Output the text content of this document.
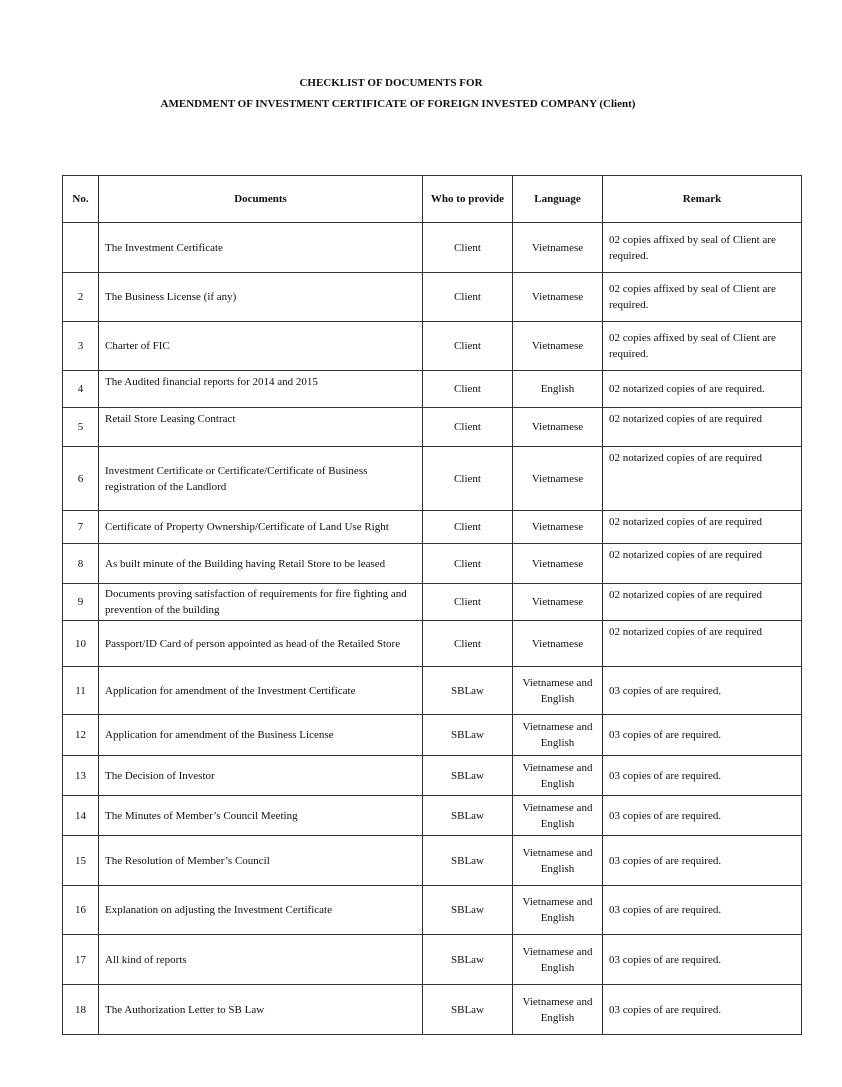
CHECKLIST OF DOCUMENTS FOR
AMENDMENT OF INVESTMENT CERTIFICATE OF FOREIGN INVESTED COMPANY (Client)
No.	Documents	Who to provide	Language	Remark
	The Investment Certificate	Client	Vietnamese	02 copies affixed by seal of Client are required.
2	The Business License (if any)	Client	Vietnamese	02 copies affixed by seal of Client are required.
3	Charter of FIC	Client	Vietnamese	02 copies affixed by seal of Client are required.
4	The Audited financial reports for 2014 and 2015	Client	English	02 notarized copies of are required.
5	Retail Store Leasing Contract	Client	Vietnamese	02 notarized copies of are required
6	Investment Certificate or Certificate/Certificate of Business registration of the Landlord	Client	Vietnamese	02 notarized copies of are required
7	Certificate of Property Ownership/Certificate of Land Use Right	Client	Vietnamese	02 notarized copies of are required
8	As built minute of the Building having Retail Store to be leased	Client	Vietnamese	02 notarized copies of are required
9	Documents proving satisfaction of requirements for fire fighting and prevention of the building	Client	Vietnamese	02 notarized copies of are required
10	Passport/ID Card of person appointed as head of the Retailed Store	Client	Vietnamese	02 notarized copies of are required
11	Application for amendment of the Investment Certificate	SBLaw	Vietnamese and English	03 copies of are required.
12	Application for amendment of the Business License	SBLaw	Vietnamese and English	03 copies of are required.
13	The Decision of Investor	SBLaw	Vietnamese and English	03 copies of are required.
14	The Minutes of Member’s Council Meeting	SBLaw	Vietnamese and English	03 copies of are required.
15	The Resolution of Member’s Council	SBLaw	Vietnamese and English	03 copies of are required.
16	Explanation on adjusting the Investment Certificate	SBLaw	Vietnamese and English	03 copies of are required.
17	All kind of reports	SBLaw	Vietnamese and English	03 copies of are required.
18	The Authorization Letter to SB Law	SBLaw	Vietnamese and English	03 copies of are required.
